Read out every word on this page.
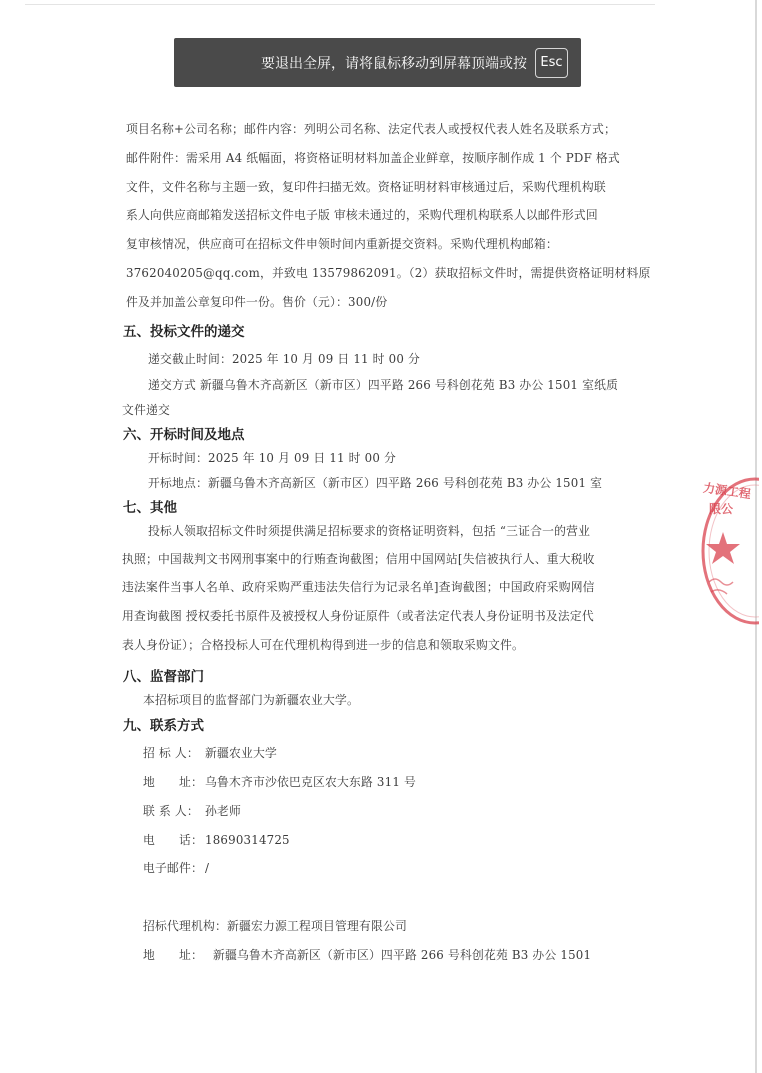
项目名称+公司名称；邮件内容：列明公司名称、法定代表人或授权代表人姓名及联系方式；
邮件附件：需采用 A4 纸幅面，将资格证明材料加盖企业鲜章，按顺序制作成 1 个 PDF 格式
文件，文件名称与主题一致，复印件扫描无效。资格证明材料审核通过后，采购代理机构联
系人向供应商邮箱发送招标文件电子版 审核未通过的，采购代理机构联系人以邮件形式回
复审核情况，供应商可在招标文件申领时间内重新提交资料。采购代理机构邮箱：
3762040205@qq.com，并致电 13579862091。（2）获取招标文件时，需提供资格证明材料原
件及并加盖公章复印件一份。售价（元）：300/份
五、投标文件的递交
递交截止时间：2025 年 10 月 09 日 11 时 00 分
递交方式 新疆乌鲁木齐高新区（新市区）四平路 266 号科创花苑 B3 办公 1501 室纸质
文件递交
六、开标时间及地点
开标时间：2025 年 10 月 09 日 11 时 00 分
开标地点：新疆乌鲁木齐高新区（新市区）四平路 266 号科创花苑 B3 办公 1501 室
七、其他
投标人领取招标文件时须提供满足招标要求的资格证明资料，包括 “三证合一的营业
执照；中国裁判文书网刑事案中的行贿查询截图；信用中国网站[失信被执行人、重大税收
违法案件当事人名单、政府采购严重违法失信行为记录名单]查询截图；中国政府采购网信
用查询截图 授权委托书原件及被授权人身份证原件（或者法定代表人身份证明书及法定代
表人身份证）；合格投标人可在代理机构得到进一步的信息和领取采购文件。
八、监督部门
本招标项目的监督部门为新疆农业大学。
九、联系方式
招 标 人： 新疆农业大学
地　　址： 乌鲁木齐市沙依巴克区农大东路 311 号
联 系 人： 孙老师
电　　话： 18690314725
电子邮件： /
招标代理机构：新疆宏力源工程项目管理有限公司
地　　址： 新疆乌鲁木齐高新区（新市区）四平路 266 号科创花苑 B3 办公 1501
力源工程
限公
要退出全屏，请将鼠标移动到屏幕顶端或按	Esc
